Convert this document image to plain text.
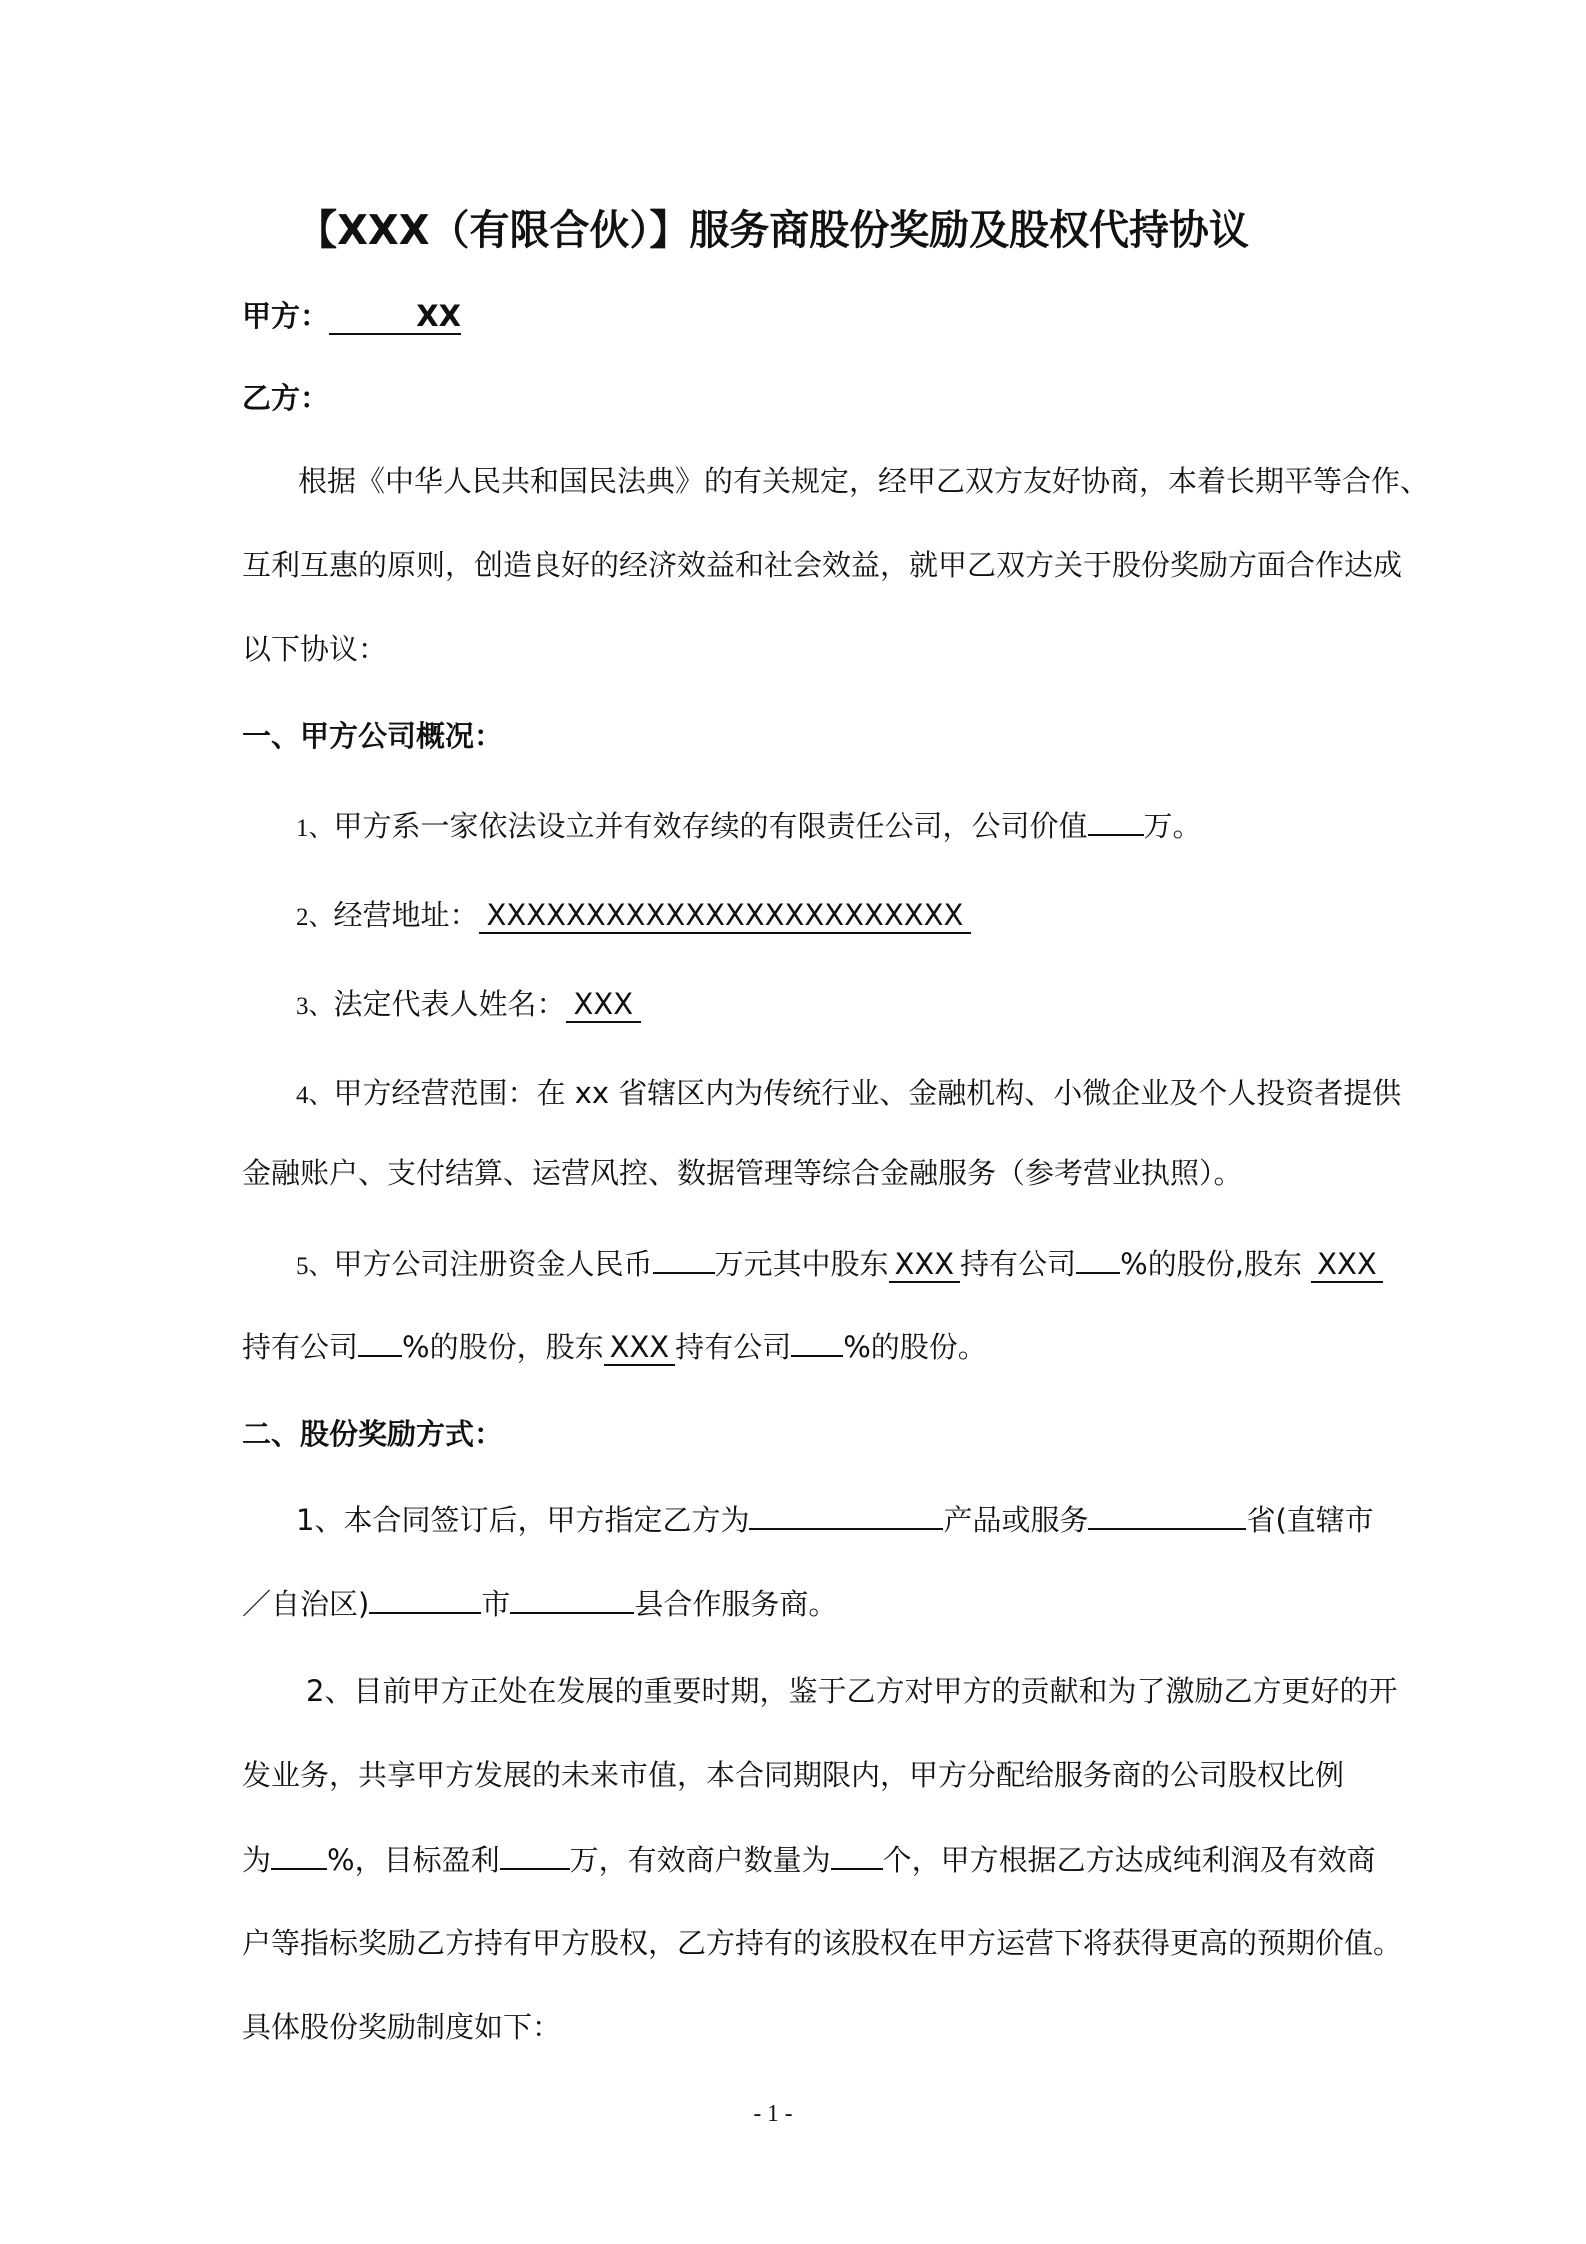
【XXX（有限合伙）】服务商股份奖励及股权代持协议
甲方：	XX
乙方：
根据《中华人民共和国民法典》的有关规定，经甲乙双方友好协商，本着长期平等合作、
互利互惠的原则，创造良好的经济效益和社会效益，就甲乙双方关于股份奖励方面合作达成
以下协议：
一、甲方公司概况：
1、甲方系一家依法设立并有效存续的有限责任公司，公司价值 万。
2、经营地址： XXXXXXXXXXXXXXXXXXXXXXXX
3、法定代表人姓名： XXX
4、甲方经营范围：在 xx 省辖区内为传统行业、金融机构、小微企业及个人投资者提供
金融账户、支付结算、运营风控、数据管理等综合金融服务（参考营业执照）。
5、甲方公司注册资金人民币 万元其中股东 XXX 持有公司 %的股份,股东 XXX
持有公司 %的股份，股东 XXX 持有公司 %的股份。
二、股份奖励方式：
1、本合同签订后，甲方指定乙方为	产品或服务	省(直辖市
／自治区)	市	县合作服务商。
2、目前甲方正处在发展的重要时期，鉴于乙方对甲方的贡献和为了激励乙方更好的开
发业务，共享甲方发展的未来市值，本合同期限内，甲方分配给服务商的公司股权比例
为 %，目标盈利 万，有效商户数量为 个，甲方根据乙方达成纯利润及有效商
户等指标奖励乙方持有甲方股权，乙方持有的该股权在甲方运营下将获得更高的预期价值。
具体股份奖励制度如下：
- 1 -
